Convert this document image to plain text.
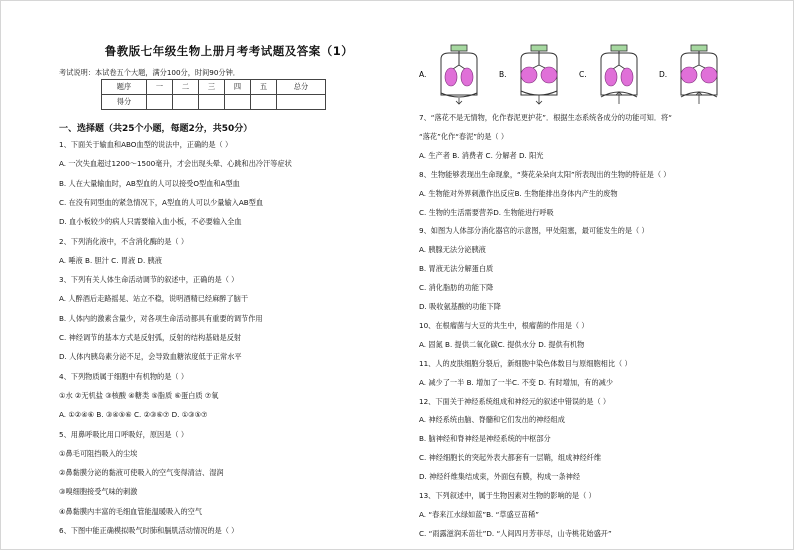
鲁教版七年级生物上册月考考试题及答案（1）
考试说明：本试卷五个大题，满分100分，时间90分钟．
题序	一	二	三	四	五	总分
得分						
一、选择题（共25个小题，每题2分，共50分）
1、下面关于输血和ABO血型的说法中，正确的是（ ）
A. 一次失血超过1200～1500毫升，才会出现头晕、心跳和出冷汗等症状
B. 人在大量输血时，AB型血的人可以接受O型血和A型血
C. 在没有同型血的紧急情况下，A型血的人可以少量输入AB型血
D. 血小板较少的病人只需要输入血小板，不必要输入全血
2、下列消化液中，不含消化酶的是（ ）
A. 唾液 B. 胆汁 C. 胃液 D. 胰液
3、下列有关人体生命活动调节的叙述中，正确的是（ ）
A. 人醉酒后走路摇晃、站立不稳，说明酒精已经麻醉了脑干
B. 人体内的激素含量少，对各项生命活动都具有重要的调节作用
C. 神经调节的基本方式是反射弧，反射的结构基础是反射
D. 人体内胰岛素分泌不足，会导致血糖浓度低于正常水平
4、下列物质属于细胞中有机物的是（ ）
①水 ②无机盐 ③核酸 ④糖类 ⑤脂质 ⑥蛋白质 ⑦氧
A. ①②④⑥ B. ③④⑤⑥ C. ②③⑥⑦ D. ①③⑤⑦
5、用鼻呼吸比用口呼吸好，原因是（ ）
①鼻毛可阻挡吸入的尘埃
②鼻黏膜分泌的黏液可使吸入的空气变得清洁、湿润
③嗅细胞接受气味的刺激
④鼻黏膜内丰富的毛细血管能温暖吸入的空气
6、下图中能正确模拟吸气时肺和膈肌活动情况的是（ ）
A.	B.	C.	D.
7、“落花不是无情物，化作春泥更护花”．根据生态系统各成分的功能可知．将“
“落花”化作“春泥”的是（ ）
A. 生产者 B. 消费者 C. 分解者 D. 阳光
8、生物能够表现出生命现象，“葵花朵朵向太阳”所表现出的生物的特征是（ ）
A. 生物能对外界刺激作出反应B. 生物能排出身体内产生的废物
C. 生物的生活需要营养D. 生物能进行呼吸
9、如图为人体部分消化器官的示意图，甲处阻塞，最可能发生的是（ ）
A. 胰腺无法分泌胰液
B. 胃液无法分解蛋白质
C. 消化脂肪的功能下降
D. 吸收氨基酸的功能下降
10、在根瘤菌与大豆的共生中，根瘤菌的作用是（ ）
A. 固氮 B. 提供二氧化碳C. 提供水分 D. 提供有机物
11、人的皮肤细胞分裂后，新细胞中染色体数目与原细胞相比（ ）
A. 减少了一半 B. 增加了一半C. 不变 D. 有时增加，有的减少
12、下面关于神经系统组成和神经元的叙述中错误的是（ ）
A. 神经系统由脑、脊髓和它们发出的神经组成
B. 脑神经和脊神经是神经系统的中枢部分
C. 神经细胞长的突起外表大都套有一层鞘，组成神经纤维
D. 神经纤维集结成束，外面包有膜，构成一条神经
13、下列叙述中，属于生物因素对生物的影响的是（ ）
A. “春来江水绿如蓝”B. “草盛豆苗稀”
C. “雨露滋润禾苗壮”D. “人间四月芳菲尽，山寺桃花始盛开”
